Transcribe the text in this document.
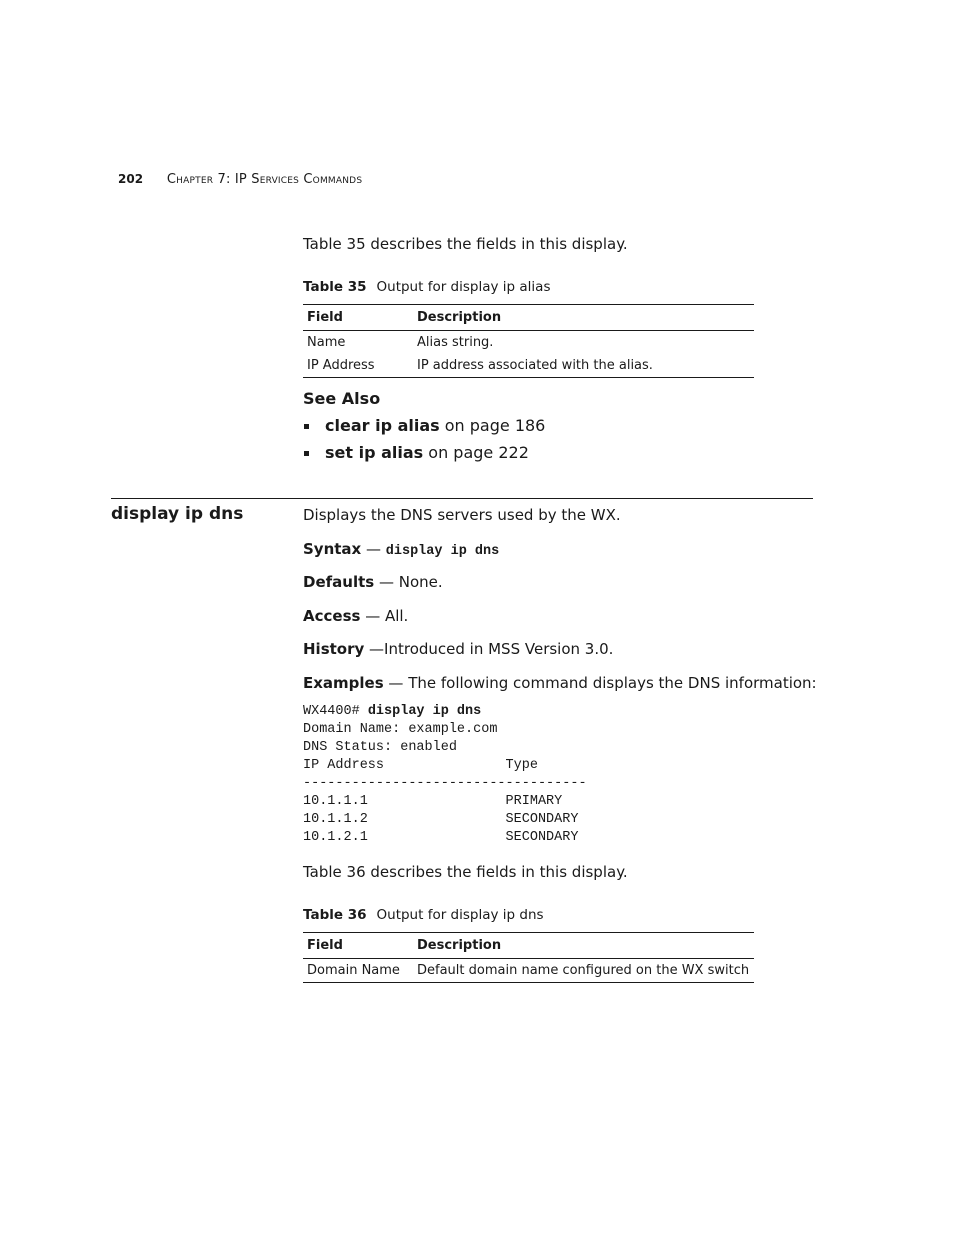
202 Chapter 7: IP Services Commands
Table 35 describes the fields in this display.
Table 35 Output for display ip alias
Field	Description
Name	Alias string.
IP Address	IP address associated with the alias.
See Also
clear ip alias on page 186
set ip alias on page 222
display ip dns	Displays the DNS servers used by the WX.
Syntax — display ip dns
Defaults — None.
Access — All.
History —Introduced in MSS Version 3.0.
Examples — The following command displays the DNS information:
WX4400# display ip dns
Domain Name: example.com
DNS Status: enabled
IP Address               Type
-----------------------------------
10.1.1.1                 PRIMARY
10.1.1.2                 SECONDARY
10.1.2.1                 SECONDARY
Table 36 describes the fields in this display.
Table 36 Output for display ip dns
Field	Description
Domain Name	Default domain name configured on the WX switch
